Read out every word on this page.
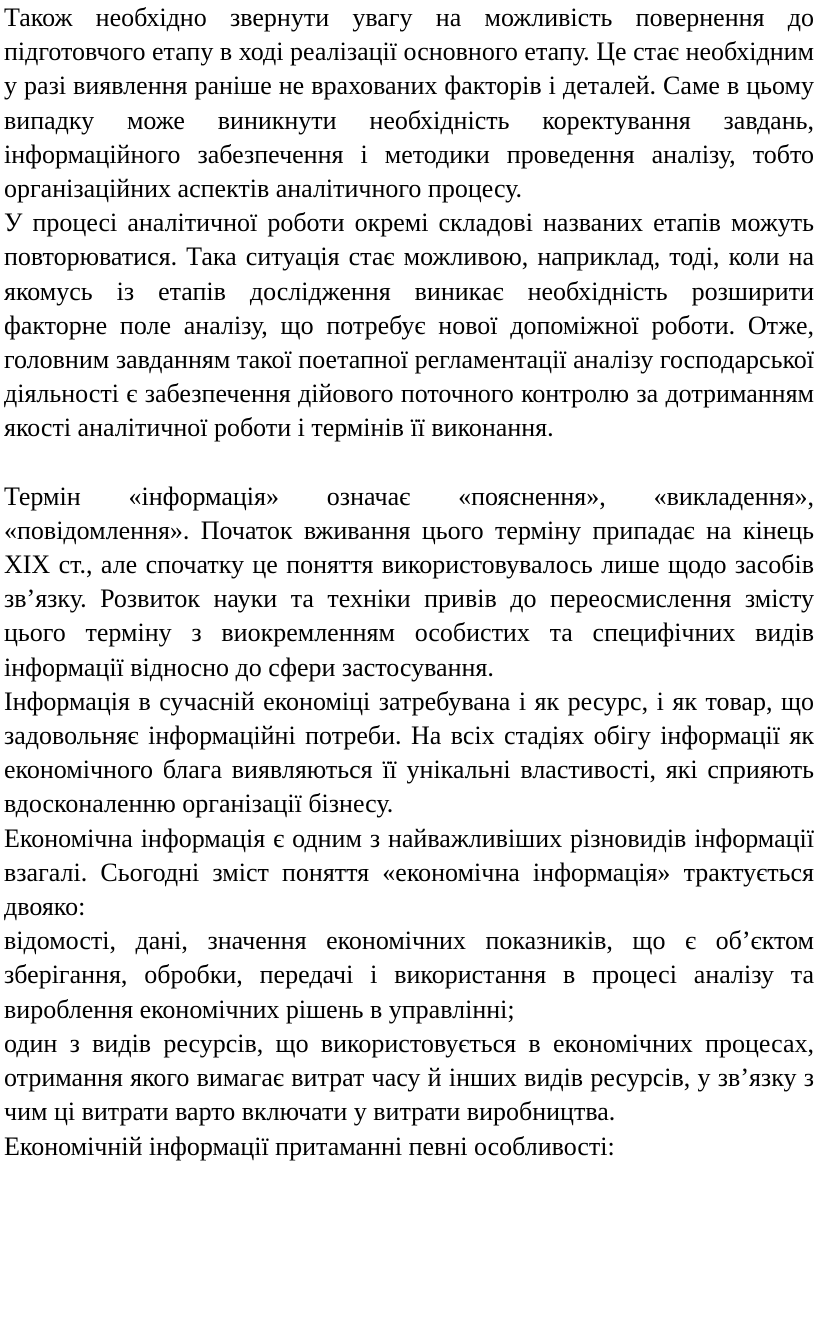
Також необхідно звернути увагу на можливість повернення до підготовчого етапу в ході реалізації основного етапу. Це стає необхідним у разі виявлення раніше не врахованих факторів і деталей. Саме в цьому випадку може виникнути необхідність коректування завдань, інформаційного забезпечення і методики проведення аналізу, тобто організаційних аспектів аналітичного процесу.

У процесі аналітичної роботи окремі складові названих етапів можуть повторюватися. Така ситуація стає можливою, наприклад, тоді, коли на якомусь із етапів дослідження виникає необхідність розширити факторне поле аналізу, що потребує нової допоміжної роботи. Отже, головним завданням такої поетапної регламентації аналізу господарської діяльності є забезпечення дійового поточного контролю за дотриманням якості аналітичної роботи і термінів її виконання.

Термін «інформація» означає «пояснення», «викладення», «повідомлення». Початок вживання цього терміну припадає на кінець XIX ст., але спочатку це поняття використовувалось лише щодо засобів зв’язку. Розвиток науки та техніки привів до переосмислення змісту цього терміну з виокремленням особистих та специфічних видів інформації відносно до сфери застосування.

Інформація в сучасній економіці затребувана і як ресурс, і як товар, що задовольняє інформаційні потреби. На всіх стадіях обігу інформації як економічного блага виявляються її унікальні властивості, які сприяють вдосконаленню організації бізнесу.

Економічна інформація є одним з найважливіших різновидів інформації взагалі. Сьогодні зміст поняття «економічна інформація» трактується двояко:

відомості, дані, значення економічних показників, що є об’єктом зберігання, обробки, передачі і використання в процесі аналізу та вироблення економічних рішень в управлінні;

один з видів ресурсів, що використовується в економічних процесах, отримання якого вимагає витрат часу й інших видів ресурсів, у зв’язку з чим ці витрати варто включати у витрати виробництва.

Економічній інформації притаманні певні особливості:
